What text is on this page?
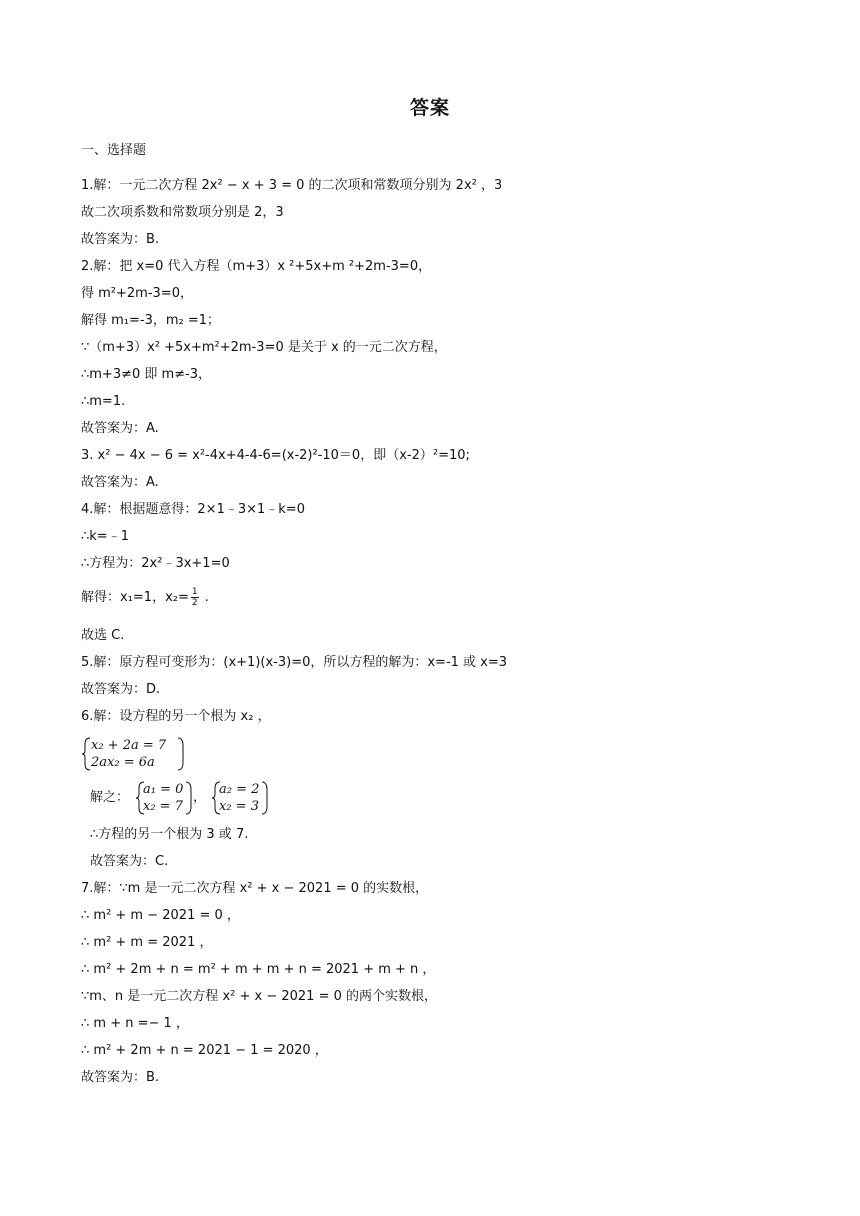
答案
一、选择题
1.解：一元二次方程 2x² − x + 3 = 0 的二次项和常数项分别为 2x² ，3
故二次项系数和常数项分别是 2，3
故答案为：B.
2.解：把 x=0 代入方程（m+3）x ²+5x+m ²+2m-3=0，
得 m²+2m-3=0，
解得 m₁=-3，m₂ =1；
∵（m+3）x² +5x+m²+2m-3=0 是关于 x 的一元二次方程，
∴m+3≠0 即 m≠-3，
∴m=1.
故答案为：A.
3. x² − 4x − 6 = x²-4x+4-4-6=(x-2)²-10＝0，即（x-2）²=10;
故答案为：A.
4.解：根据题意得：2×1﹣3×1﹣k=0
∴k=﹣1
∴方程为：2x²﹣3x+1=0
解得：x₁=1，$x_2= \frac{1}{2}$ .
故选 C.
5.解：原方程可变形为：(x+1)(x-3)=0，所以方程的解为：x=-1 或 x=3
故答案为：D.
6.解：设方程的另一个根为 x₂ ，
x₂ + 2a = 7
2ax₂ = 6a
解之：
a₁ = 0
x₂ = 7
，
a₂ = 2
x₂ = 3
∴方程的另一个根为 3 或 7.
故答案为：C.
7.解：∵m 是一元二次方程 x² + x − 2021 = 0 的实数根，
∴ m² + m − 2021 = 0 ，
∴ m² + m = 2021 ，
∴ m² + 2m + n = m² + m + m + n = 2021 + m + n ，
∵m、n 是一元二次方程 x² + x − 2021 = 0 的两个实数根，
∴ m + n =− 1 ，
∴ m² + 2m + n = 2021 − 1 = 2020 ，
故答案为：B.
